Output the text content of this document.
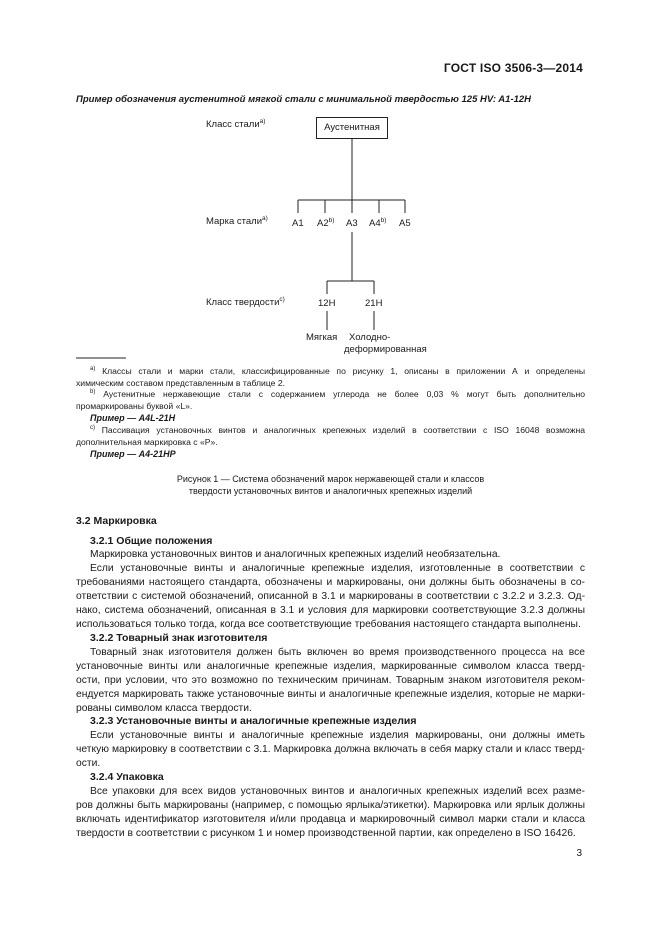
ГОСТ ISO 3506-3—2014
Пример обозначения аустенитной мягкой стали с минимальной твердостью 125 HV: A1-12H
Класс стали$^{a)}$
Аустенитная
Марка стали$^{a)}$	A1 A2$^{b)}$ A3 A4$^{b)}$ A5
Класс твердости$^{c)}$	12H	21H
Мягкая Холодно-
деформированная
$^{a)}$ Классы стали и марки стали, классифицированные по рисунку 1, описаны в приложении А и определены
химическим составом представленным в таблице 2.
$^{b)}$ Аустенитные нержавеющие стали с содержанием углерода не более 0,03 % могут быть дополнительно
промаркированы буквой «L».
Пример — A4L-21H
$^{c)}$ Пассивация установочных винтов и аналогичных крепежных изделий в соответствии с ISO 16048 возможна
дополнительная маркировка с «P».
Пример — A4-21HP
Рисунок 1 — Система обозначений марок нержавеющей стали и классов
твердости установочных винтов и аналогичных крепежных изделий
3.2 Маркировка
3.2.1 Общие положения
Маркировка установочных винтов и аналогичных крепежных изделий необязательна.
Если установочные винты и аналогичные крепежные изделия, изготовленные в соответствии с
требованиями настоящего стандарта, обозначены и маркированы, они должны быть обозначены в со-
ответствии с системой обозначений, описанной в 3.1 и маркированы в соответствии с 3.2.2 и 3.2.3. Од-
нако, система обозначений, описанная в 3.1 и условия для маркировки соответствующие 3.2.3 должны
использоваться только тогда, когда все соответствующие требования настоящего стандарта выполнены.
3.2.2 Товарный знак изготовителя
Товарный знак изготовителя должен быть включен во время производственного процесса на все
установочные винты или аналогичные крепежные изделия, маркированные символом класса тверд-
ости, при условии, что это возможно по техническим причинам. Товарным знаком изготовителя реком-
ендуется маркировать также установочные винты и аналогичные крепежные изделия, которые не марки-
рованы символом класса твердости.
3.2.3 Установочные винты и аналогичные крепежные изделия
Если установочные винты и аналогичные крепежные изделия маркированы, они должны иметь
четкую маркировку в соответствии с 3.1. Маркировка должна включать в себя марку стали и класс тверд-
ости.
3.2.4 Упаковка
Все упаковки для всех видов установочных винтов и аналогичных крепежных изделий всех разме-
ров должны быть маркированы (например, с помощью ярлыка/этикетки). Маркировка или ярлык должны
включать идентификатор изготовителя и/или продавца и маркировочный символ марки стали и класса
твердости в соответствии с рисунком 1 и номер производственной партии, как определено в ISO 16426.
3
